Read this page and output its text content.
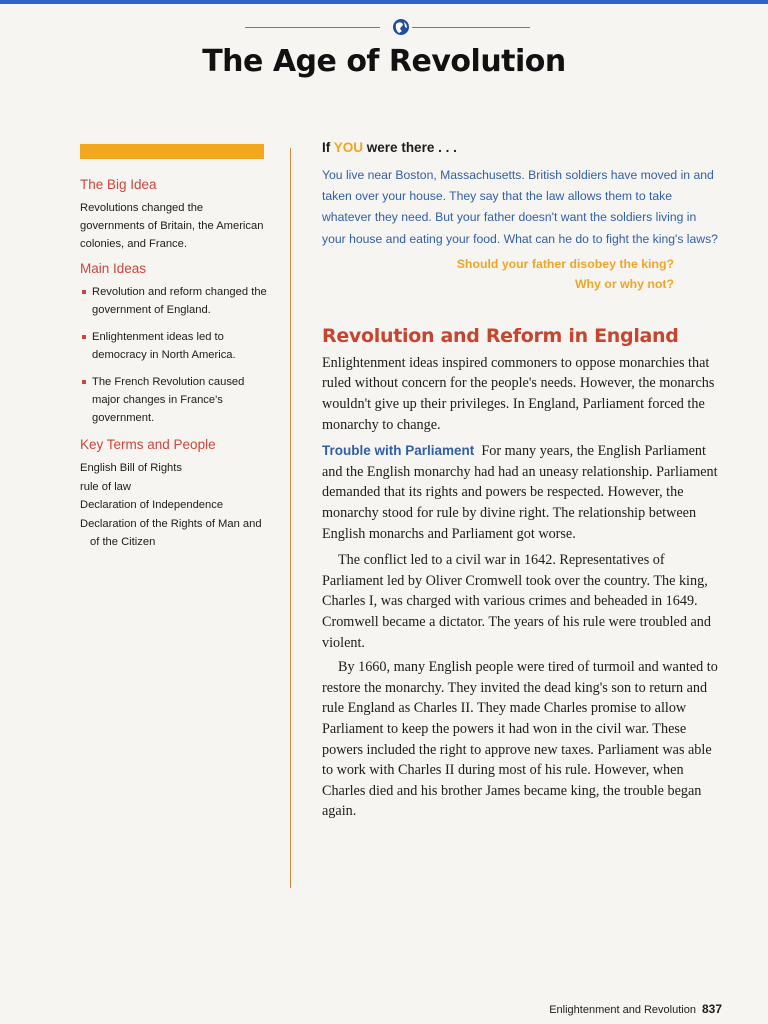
The Age of Revolution
The Big Idea

Revolutions changed the governments of Britain, the American colonies, and France.

Main Ideas
Revolution and reform changed the government of England.
Enlightenment ideas led to democracy in North America.
The French Revolution caused major changes in France's government.
Key Terms and People
English Bill of Rights
rule of law
Declaration of Independence
Declaration of the Rights of Man and of the Citizen
If YOU were there . . .

You live near Boston, Massachusetts. British soldiers have moved in and taken over your house. They say that the law allows them to take whatever they need. But your father doesn't want the soldiers living in your house and eating your food. What can he do to fight the king's laws?

Should your father disobey the king?
Why or why not?
Revolution and Reform in England

Enlightenment ideas inspired commoners to oppose monarchies that ruled without concern for the people's needs. However, the monarchs wouldn't give up their privileges. In England, Parliament forced the monarchy to change.

Trouble with Parliament For many years, the English Parliament and the English monarchy had had an uneasy relationship. Parliament demanded that its rights and powers be respected. However, the monarchy stood for rule by divine right. The relationship between English monarchs and Parliament got worse.

The conflict led to a civil war in 1642. Representatives of Parliament led by Oliver Cromwell took over the country. The king, Charles I, was charged with various crimes and beheaded in 1649. Cromwell became a dictator. The years of his rule were troubled and violent.

By 1660, many English people were tired of turmoil and wanted to restore the monarchy. They invited the dead king's son to return and rule England as Charles II. They made Charles promise to allow Parliament to keep the powers it had won in the civil war. These powers included the right to approve new taxes. Parliament was able to work with Charles II during most of his rule. However, when Charles died and his brother James became king, the trouble began again.

Enlightenment and Revolution 837
